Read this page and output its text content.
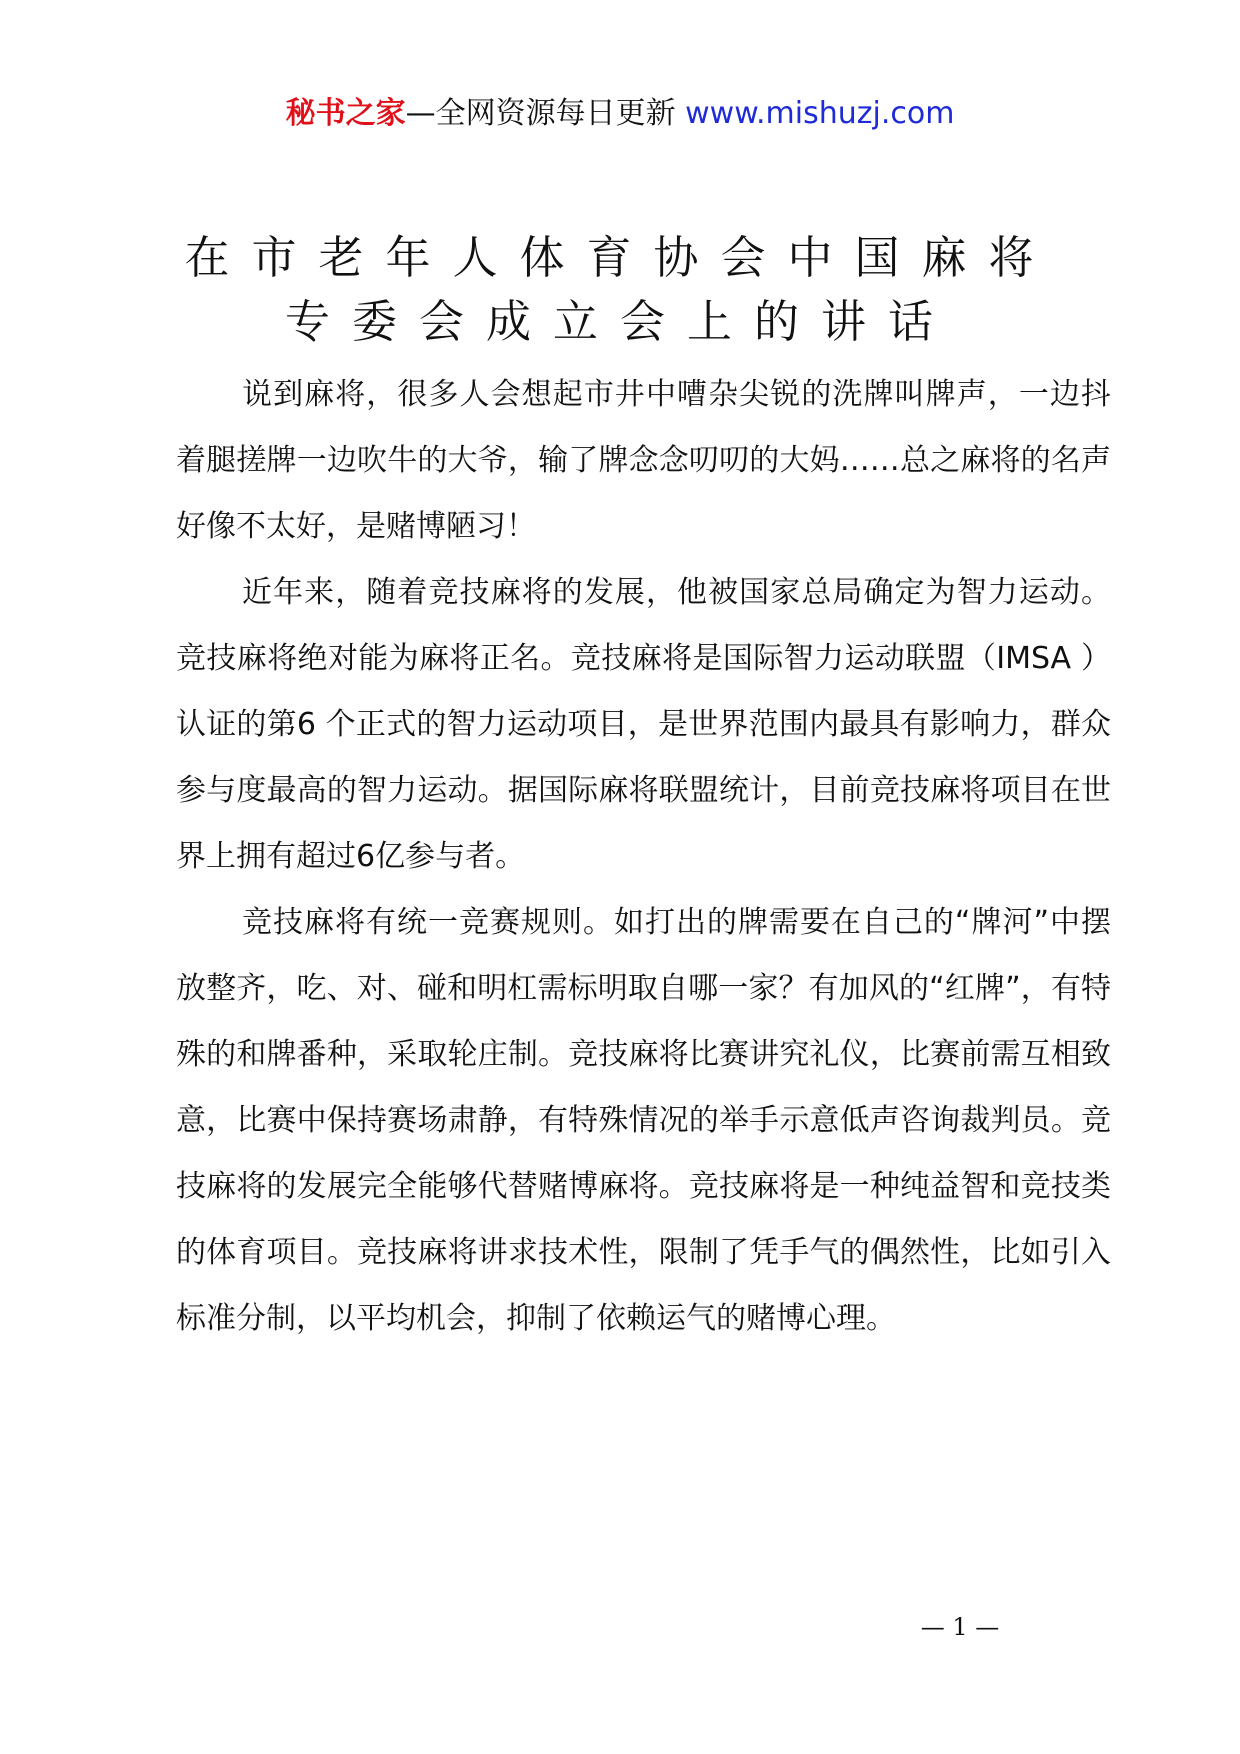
秘书之家—全网资源每日更新 www.mishuzj.com
在市老年人体育协会中国麻将
专委会成立会上的讲话

说到麻将，很多人会想起市井中嘈杂尖锐的洗牌叫牌声，一边抖着腿搓牌一边吹牛的大爷，输了牌念念叨叨的大妈……总之麻将的名声好像不太好，是赌博陋习！

近年来，随着竞技麻将的发展，他被国家总局确定为智力运动。竞技麻将绝对能为麻将正名。竞技麻将是国际智力运动联盟（IMSA ）认证的第6 个正式的智力运动项目，是世界范围内最具有影响力，群众参与度最高的智力运动。据国际麻将联盟统计，目前竞技麻将项目在世界上拥有超过6亿参与者。

竞技麻将有统一竞赛规则。如打出的牌需要在自己的“牌河”中摆放整齐，吃、对、碰和明杠需标明取自哪一家？有加风的“红牌”，有特殊的和牌番种，采取轮庄制。竞技麻将比赛讲究礼仪，比赛前需互相致意，比赛中保持赛场肃静，有特殊情况的举手示意低声咨询裁判员。竞技麻将的发展完全能够代替赌博麻将。竞技麻将是一种纯益智和竞技类的体育项目。竞技麻将讲求技术性，限制了凭手气的偶然性，比如引入标准分制，以平均机会，抑制了依赖运气的赌博心理。

— 1 —
